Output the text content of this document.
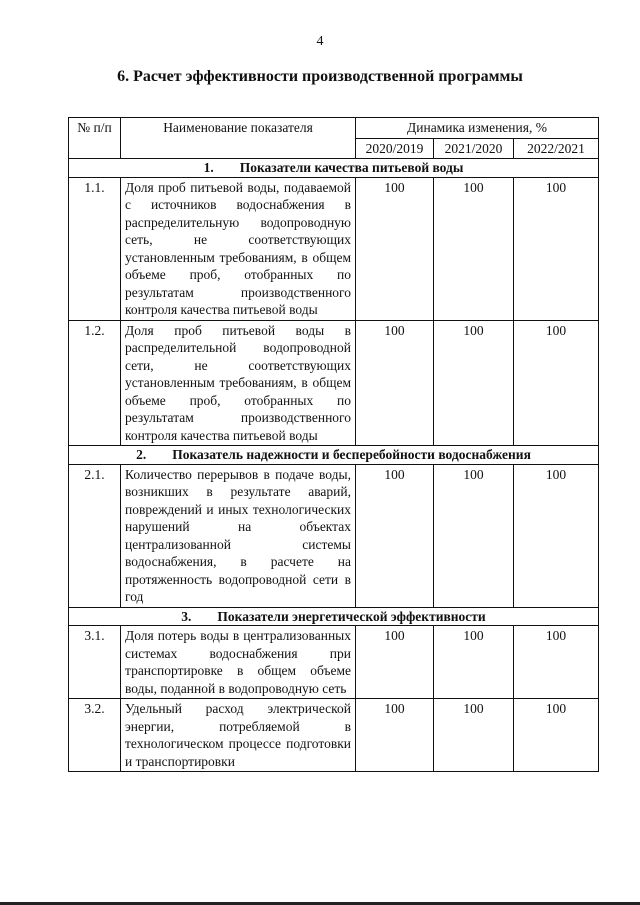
4
6. Расчет эффективности производственной программы
№ п/п	Наименование показателя	Динамика изменения, %		
		2020/2019	2021/2020	2022/2021
1. Показатели качества питьевой воды				
1.1.	Доля проб питьевой воды, подаваемой с источников водоснабжения в распределительную водопроводную сеть, не соответствующих установленным требованиям, в общем объеме проб, отобранных по результатам производственного контроля качества питьевой воды	100	100	100
1.2.	Доля проб питьевой воды в распределительной водопроводной сети, не соответствующих установленным требованиям, в общем объеме проб, отобранных по результатам производственного контроля качества питьевой воды	100	100	100
2. Показатель надежности и бесперебойности водоснабжения				
2.1.	Количество перерывов в подаче воды, возникших в результате аварий, повреждений и иных технологических нарушений на объектах централизованной системы водоснабжения, в расчете на протяженность водопроводной сети в год	100	100	100
3. Показатели энергетической эффективности				
3.1.	Доля потерь воды в централизованных системах водоснабжения при транспортировке в общем объеме воды, поданной в водопроводную сеть	100	100	100
3.2.	Удельный расход электрической энергии, потребляемой в технологическом процессе подготовки и транспортировки	100	100	100
